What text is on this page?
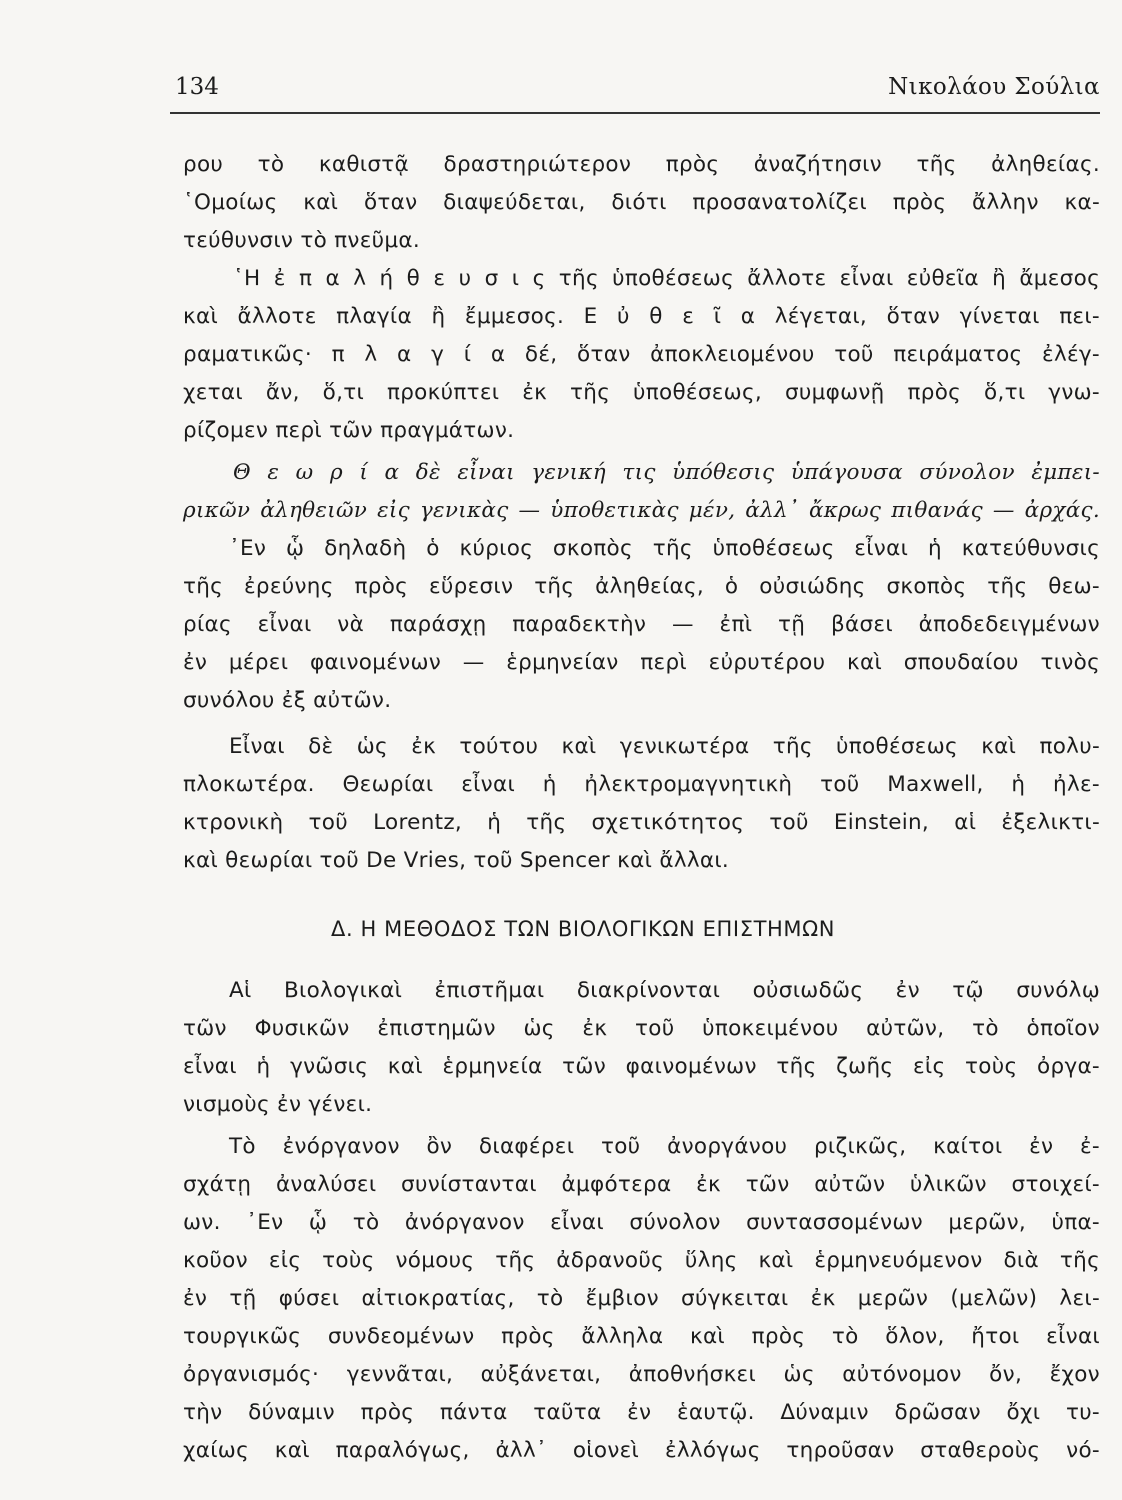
134	Νικολάου Σούλια
ρου τὸ καθιστᾷ δραστηριώτερον πρὸς ἀναζήτησιν τῆς ἀληθείας.
῾Ομοίως καὶ ὅταν διαψεύδεται, διότι προσανατολίζει πρὸς ἄλλην κα-
τεύθυνσιν τὸ πνεῦμα.
῾Η ἐ π α λ ή θ ε υ σ ι ς τῆς ὑποθέσεως ἄλλοτε εἶναι εὐθεῖα ἢ ἄμεσος
καὶ ἄλλοτε πλαγία ἢ ἔμμεσος. Ε ὐ θ ε ῖ α λέγεται, ὅταν γίνεται πει-
ραματικῶς· π λ α γ ί α δέ, ὅταν ἀποκλειομένου τοῦ πειράματος ἐλέγ-
χεται ἄν, ὅ,τι προκύπτει ἐκ τῆς ὑποθέσεως, συμφωνῇ πρὸς ὅ,τι γνω-
ρίζομεν περὶ τῶν πραγμάτων.
Θ ε ω ρ ί α δὲ εἶναι γενική τις ὑπόθεσις ὑπάγουσα σύνολον ἐμπει-
ρικῶν ἀληθειῶν εἰς γενικὰς — ὑποθετικὰς μέν, ἀλλ᾽ ἄκρως πιθανάς — ἀρχάς.
᾽Εν ᾧ δηλαδὴ ὁ κύριος σκοπὸς τῆς ὑποθέσεως εἶναι ἡ κατεύθυνσις
τῆς ἐρεύνης πρὸς εὕρεσιν τῆς ἀληθείας, ὁ οὐσιώδης σκοπὸς τῆς θεω-
ρίας εἶναι νὰ παράσχῃ παραδεκτὴν — ἐπὶ τῇ βάσει ἀποδεδειγμένων
ἐν μέρει φαινομένων — ἑρμηνείαν περὶ εὐρυτέρου καὶ σπουδαίου τινὸς
συνόλου ἐξ αὐτῶν.
Εἶναι δὲ ὡς ἐκ τούτου καὶ γενικωτέρα τῆς ὑποθέσεως καὶ πολυ-
πλοκωτέρα. Θεωρίαι εἶναι ἡ ἠλεκτρομαγνητικὴ τοῦ Maxwell, ἡ ἠλε-
κτρονικὴ τοῦ Lorentz, ἡ τῆς σχετικότητος τοῦ Einstein, αἱ ἐξελικτι-
καὶ θεωρίαι τοῦ De Vries, τοῦ Spencer καὶ ἄλλαι.
Δ. Η ΜΕΘΟΔΟΣ ΤΩΝ ΒΙΟΛΟΓΙΚΩΝ ΕΠΙΣΤΗΜΩΝ
Αἱ Βιολογικαὶ ἐπιστῆμαι διακρίνονται οὐσιωδῶς ἐν τῷ συνόλῳ
τῶν Φυσικῶν ἐπιστημῶν ὡς ἐκ τοῦ ὑποκειμένου αὐτῶν, τὸ ὁποῖον
εἶναι ἡ γνῶσις καὶ ἑρμηνεία τῶν φαινομένων τῆς ζωῆς εἰς τοὺς ὀργα-
νισμοὺς ἐν γένει.
Τὸ ἐνόργανον ὂν διαφέρει τοῦ ἀνοργάνου ριζικῶς, καίτοι ἐν ἐ-
σχάτῃ ἀναλύσει συνίστανται ἀμφότερα ἐκ τῶν αὐτῶν ὑλικῶν στοιχεί-
ων. ᾽Εν ᾧ τὸ ἀνόργανον εἶναι σύνολον συντασσομένων μερῶν, ὑπα-
κοῦον εἰς τοὺς νόμους τῆς ἀδρανοῦς ὕλης καὶ ἑρμηνευόμενον διὰ τῆς
ἐν τῇ φύσει αἰτιοκρατίας, τὸ ἔμβιον σύγκειται ἐκ μερῶν (μελῶν) λει-
τουργικῶς συνδεομένων πρὸς ἄλληλα καὶ πρὸς τὸ ὅλον, ἤτοι εἶναι
ὀργανισμός· γεννᾶται, αὐξάνεται, ἀποθνήσκει ὡς αὐτόνομον ὄν, ἔχον
τὴν δύναμιν πρὸς πάντα ταῦτα ἐν ἑαυτῷ. Δύναμιν δρῶσαν ὄχι τυ-
χαίως καὶ παραλόγως, ἀλλ᾽ οἱονεὶ ἐλλόγως τηροῦσαν σταθεροὺς νό-
